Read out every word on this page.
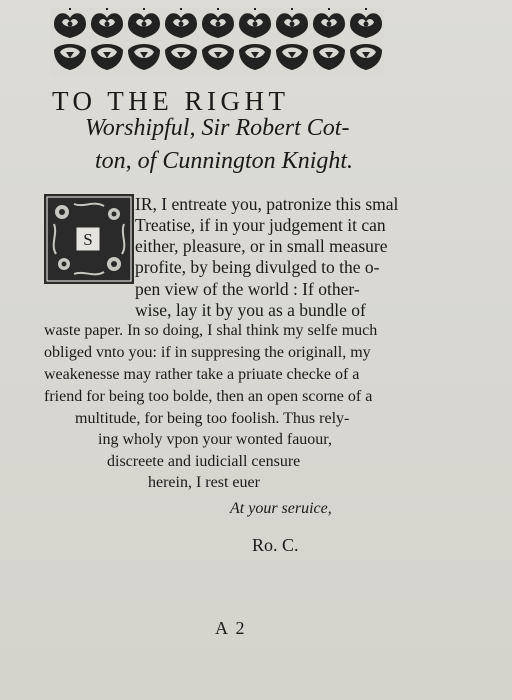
TO THE RIGHT
Worshipful, Sir Robert Cot-
ton, of Cunnington Knight.
S
IR, I entreate you, patronize this smal
Treatise, if in your judgement it can
either, pleasure, or in small measure
profite, by being divulged to the o-
pen view of the world : If other-
wise, lay it by you as a bundle of
waste paper. In so doing, I shal think my selfe much
obliged vnto you: if in suppresing the originall, my
weakenesse may rather take a priuate checke of a
friend for being too bolde, then an open scorne of a
multitude, for being too foolish. Thus rely-
ing wholy vpon your wonted fauour,
discreete and iudiciall censure
herein, I rest euer
At your seruice,
Ro. C.
A 2
